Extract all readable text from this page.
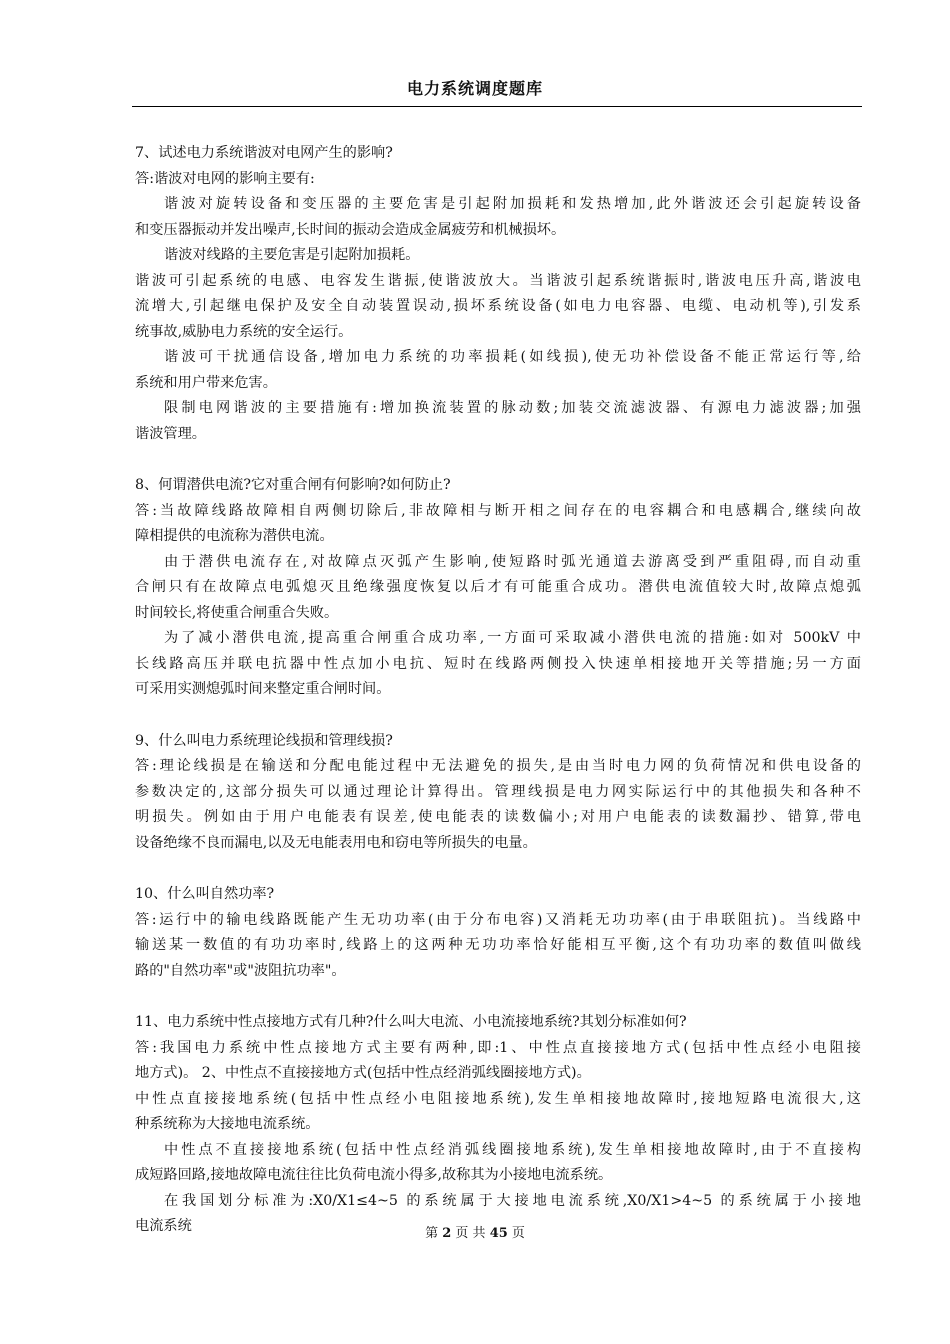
电力系统调度题库
7、试述电力系统谐波对电网产生的影响?
答:谐波对电网的影响主要有:
谐波对旋转设备和变压器的主要危害是引起附加损耗和发热增加,此外谐波还会引起旋转设备
和变压器振动并发出噪声,长时间的振动会造成金属疲劳和机械损坏。
谐波对线路的主要危害是引起附加损耗。
谐波可引起系统的电感、电容发生谐振,使谐波放大。当谐波引起系统谐振时,谐波电压升高,谐波电
流增大,引起继电保护及安全自动装置误动,损坏系统设备(如电力电容器、电缆、电动机等),引发系
统事故,威胁电力系统的安全运行。
谐波可干扰通信设备,增加电力系统的功率损耗(如线损),使无功补偿设备不能正常运行等,给
系统和用户带来危害。
限制电网谐波的主要措施有:增加换流装置的脉动数;加装交流滤波器、有源电力滤波器;加强
谐波管理。
8、何谓潜供电流?它对重合闸有何影响?如何防止?
答:当故障线路故障相自两侧切除后,非故障相与断开相之间存在的电容耦合和电感耦合,继续向故
障相提供的电流称为潜供电流。
由于潜供电流存在,对故障点灭弧产生影响,使短路时弧光通道去游离受到严重阻碍,而自动重
合闸只有在故障点电弧熄灭且绝缘强度恢复以后才有可能重合成功。潜供电流值较大时,故障点熄弧
时间较长,将使重合闸重合失败。
为了减小潜供电流,提高重合闸重合成功率,一方面可采取减小潜供电流的措施:如对 500kV 中
长线路高压并联电抗器中性点加小电抗、短时在线路两侧投入快速单相接地开关等措施;另一方面
可采用实测熄弧时间来整定重合闸时间。
9、什么叫电力系统理论线损和管理线损?
答:理论线损是在输送和分配电能过程中无法避免的损失,是由当时电力网的负荷情况和供电设备的
参数决定的,这部分损失可以通过理论计算得出。管理线损是电力网实际运行中的其他损失和各种不
明损失。例如由于用户电能表有误差,使电能表的读数偏小;对用户电能表的读数漏抄、错算,带电
设备绝缘不良而漏电,以及无电能表用电和窃电等所损失的电量。
10、什么叫自然功率?
答:运行中的输电线路既能产生无功功率(由于分布电容)又消耗无功功率(由于串联阻抗)。当线路中
输送某一数值的有功功率时,线路上的这两种无功功率恰好能相互平衡,这个有功功率的数值叫做线
路的"自然功率"或"波阻抗功率"。
11、电力系统中性点接地方式有几种?什么叫大电流、小电流接地系统?其划分标准如何?
答:我国电力系统中性点接地方式主要有两种,即:1、中性点直接接地方式(包括中性点经小电阻接
地方式)。 2、中性点不直接接地方式(包括中性点经消弧线圈接地方式)。
中性点直接接地系统(包括中性点经小电阻接地系统),发生单相接地故障时,接地短路电流很大,这
种系统称为大接地电流系统。
中性点不直接接地系统(包括中性点经消弧线圈接地系统),发生单相接地故障时,由于不直接构
成短路回路,接地故障电流往往比负荷电流小得多,故称其为小接地电流系统。
在我国划分标准为:X0/X1≤4~5 的系统属于大接地电流系统,X0/X1>4~5 的系统属于小接地
电流系统	第 2 页 共 45 页
